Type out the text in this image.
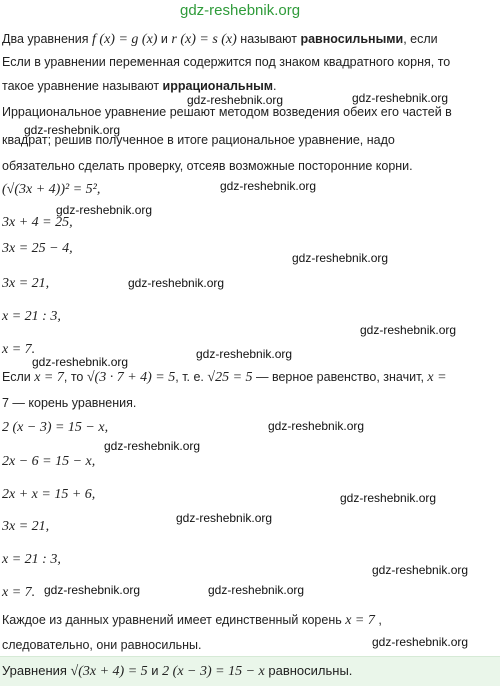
gdz-reshebnik.org
Два уравнения f (x) = g (x) и r (x) = s (x) называют равносильными, если
Если в уравнении переменная содержится под знаком квадратного корня, то
такое уравнение называют иррациональным.
Иррациональное уравнение решают методом возведения обеих его частей в
квадрат; решив полученное в итоге рациональное уравнение, надо
обязательно сделать проверку, отсеяв возможные посторонние корни.
(√(3x + 4))² = 5²,
3x + 4 = 25,
3x = 25 − 4,
3x = 21,
x = 21 : 3,
x = 7.
Если x = 7, то √(3 · 7 + 4) = 5, т. е. √25 = 5 — верное равенство, значит, x =
7 — корень уравнения.
2 (x − 3) = 15 − x,
2x − 6 = 15 − x,
2x + x = 15 + 6,
3x = 21,
x = 21 : 3,
x = 7.
Каждое из данных уравнений имеет единственный корень x = 7 ,
следовательно, они равносильны.
Уравнения √(3x + 4) = 5 и 2 (x − 3) = 15 − x равносильны.
gdz-reshebnik.org	gdz-reshebnik.org
gdz-reshebnik.org
gdz-reshebnik.org
gdz-reshebnik.org
gdz-reshebnik.org
gdz-reshebnik.org
gdz-reshebnik.org
gdz-reshebnik.org
gdz-reshebnik.org
gdz-reshebnik.org
gdz-reshebnik.org
gdz-reshebnik.org
gdz-reshebnik.org
gdz-reshebnik.org
gdz-reshebnik.org	gdz-reshebnik.org
gdz-reshebnik.org
